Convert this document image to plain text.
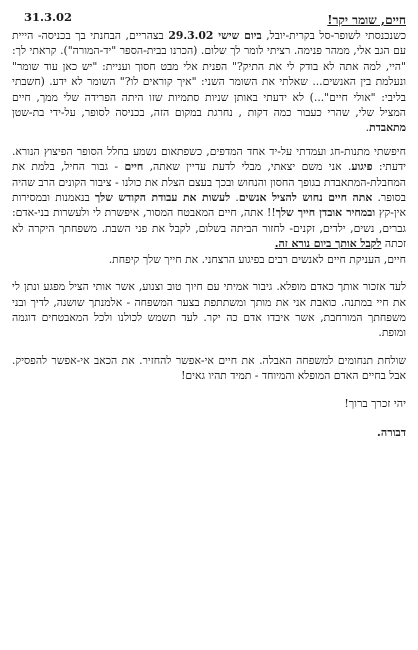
31.3.02	חיים, שומר יקר!

כשנכנסתי לשופר-סל בקרית-יובל, ביום שישי 29.3.02 בצהריים, הבחנתי בך בכניסה- הייית עם הגב אלי, ממהר פנימה. רציתי לומר לך שלום. (הכרנו בבית-הספר "יד-המורה"). קראתי לך: "היי, למה אתה לא בודק לי את התיק?" הפנית אלי מבט חסוך ועניית: "יש כאן עוד שומר" ונעלמת בין האנשים... שאלתי את השומר השני: "איך קוראים לו?" השומר לא ידע. (חשבתי בליבי: "אולי חיים"...) לא ידעתי באותן שניות סתמיות שזו היתה הפרידה שלי ממך, חיים המציל שלי, שהרי כעבור כמה דקות , נחרגת במקום הזה, בכניסה לסופר, על-ידי בת-שטן מתאבדת.

חיפשתי מתנות-חג ועמדתי על-יד אחד המדפים, כשפתאום נשמע בחלל הסופר הפיצוץ הנורא. ידעתי: פיגוע. אני משם יצאתי, מבלי לדעת עדיין שאתה, חיים - גבור החיל, בלמת את המחבלת-המתאבדת בגופך החסון והנחוש ובכך בעצם הצלת את כולנו - ציבור הקונים הרב שהיה בסופר. אתה חיים נחוש להציל אנשים. לעשות את עבודת הקודש שלך בנאמנות ובמסירות אין-קץ ובמחיר אובדן חייך שלך!! אתה, חיים המאבטח המסור, איפשרת לי ולעשרות בני-אדם: גברים, נשים, ילדים, זקנים- לחזור הביתה בשלום, לקבל את פני השבת. משפחתך היקרה לא זכתה לקבל אותך ביום נורא זה.

חיים, העניקת חיים לאנשים רבים בפיגוע הרצחני. את חייך שלך קיפחת.

לעד אזכור אותך כאדם מופלא. גיבור אמיתי עם חיוך טוב וצנוע, אשר אותי הציל מפגע ונתן לי את חיי במתנה. כואבת אני את מותך ומשתתפת בצער המשפחה - אלמנתך שושנה, לדיך ובני משפחתך המורחבת, אשר איבדו אדם כה יקר. לעד תשמש לכולנו ולכל המאבטחים דוגמה ומופת.

שולחת תנחומים למשפחה האבלה. את חיים אי-אפשר להחזיר. את הכאב אי-אפשר להפסיק. אבל בחיים האדם המופלא והמיוחד - תמיד תהיו גאים!

יהי זכרך ברוך!

דבורה.
